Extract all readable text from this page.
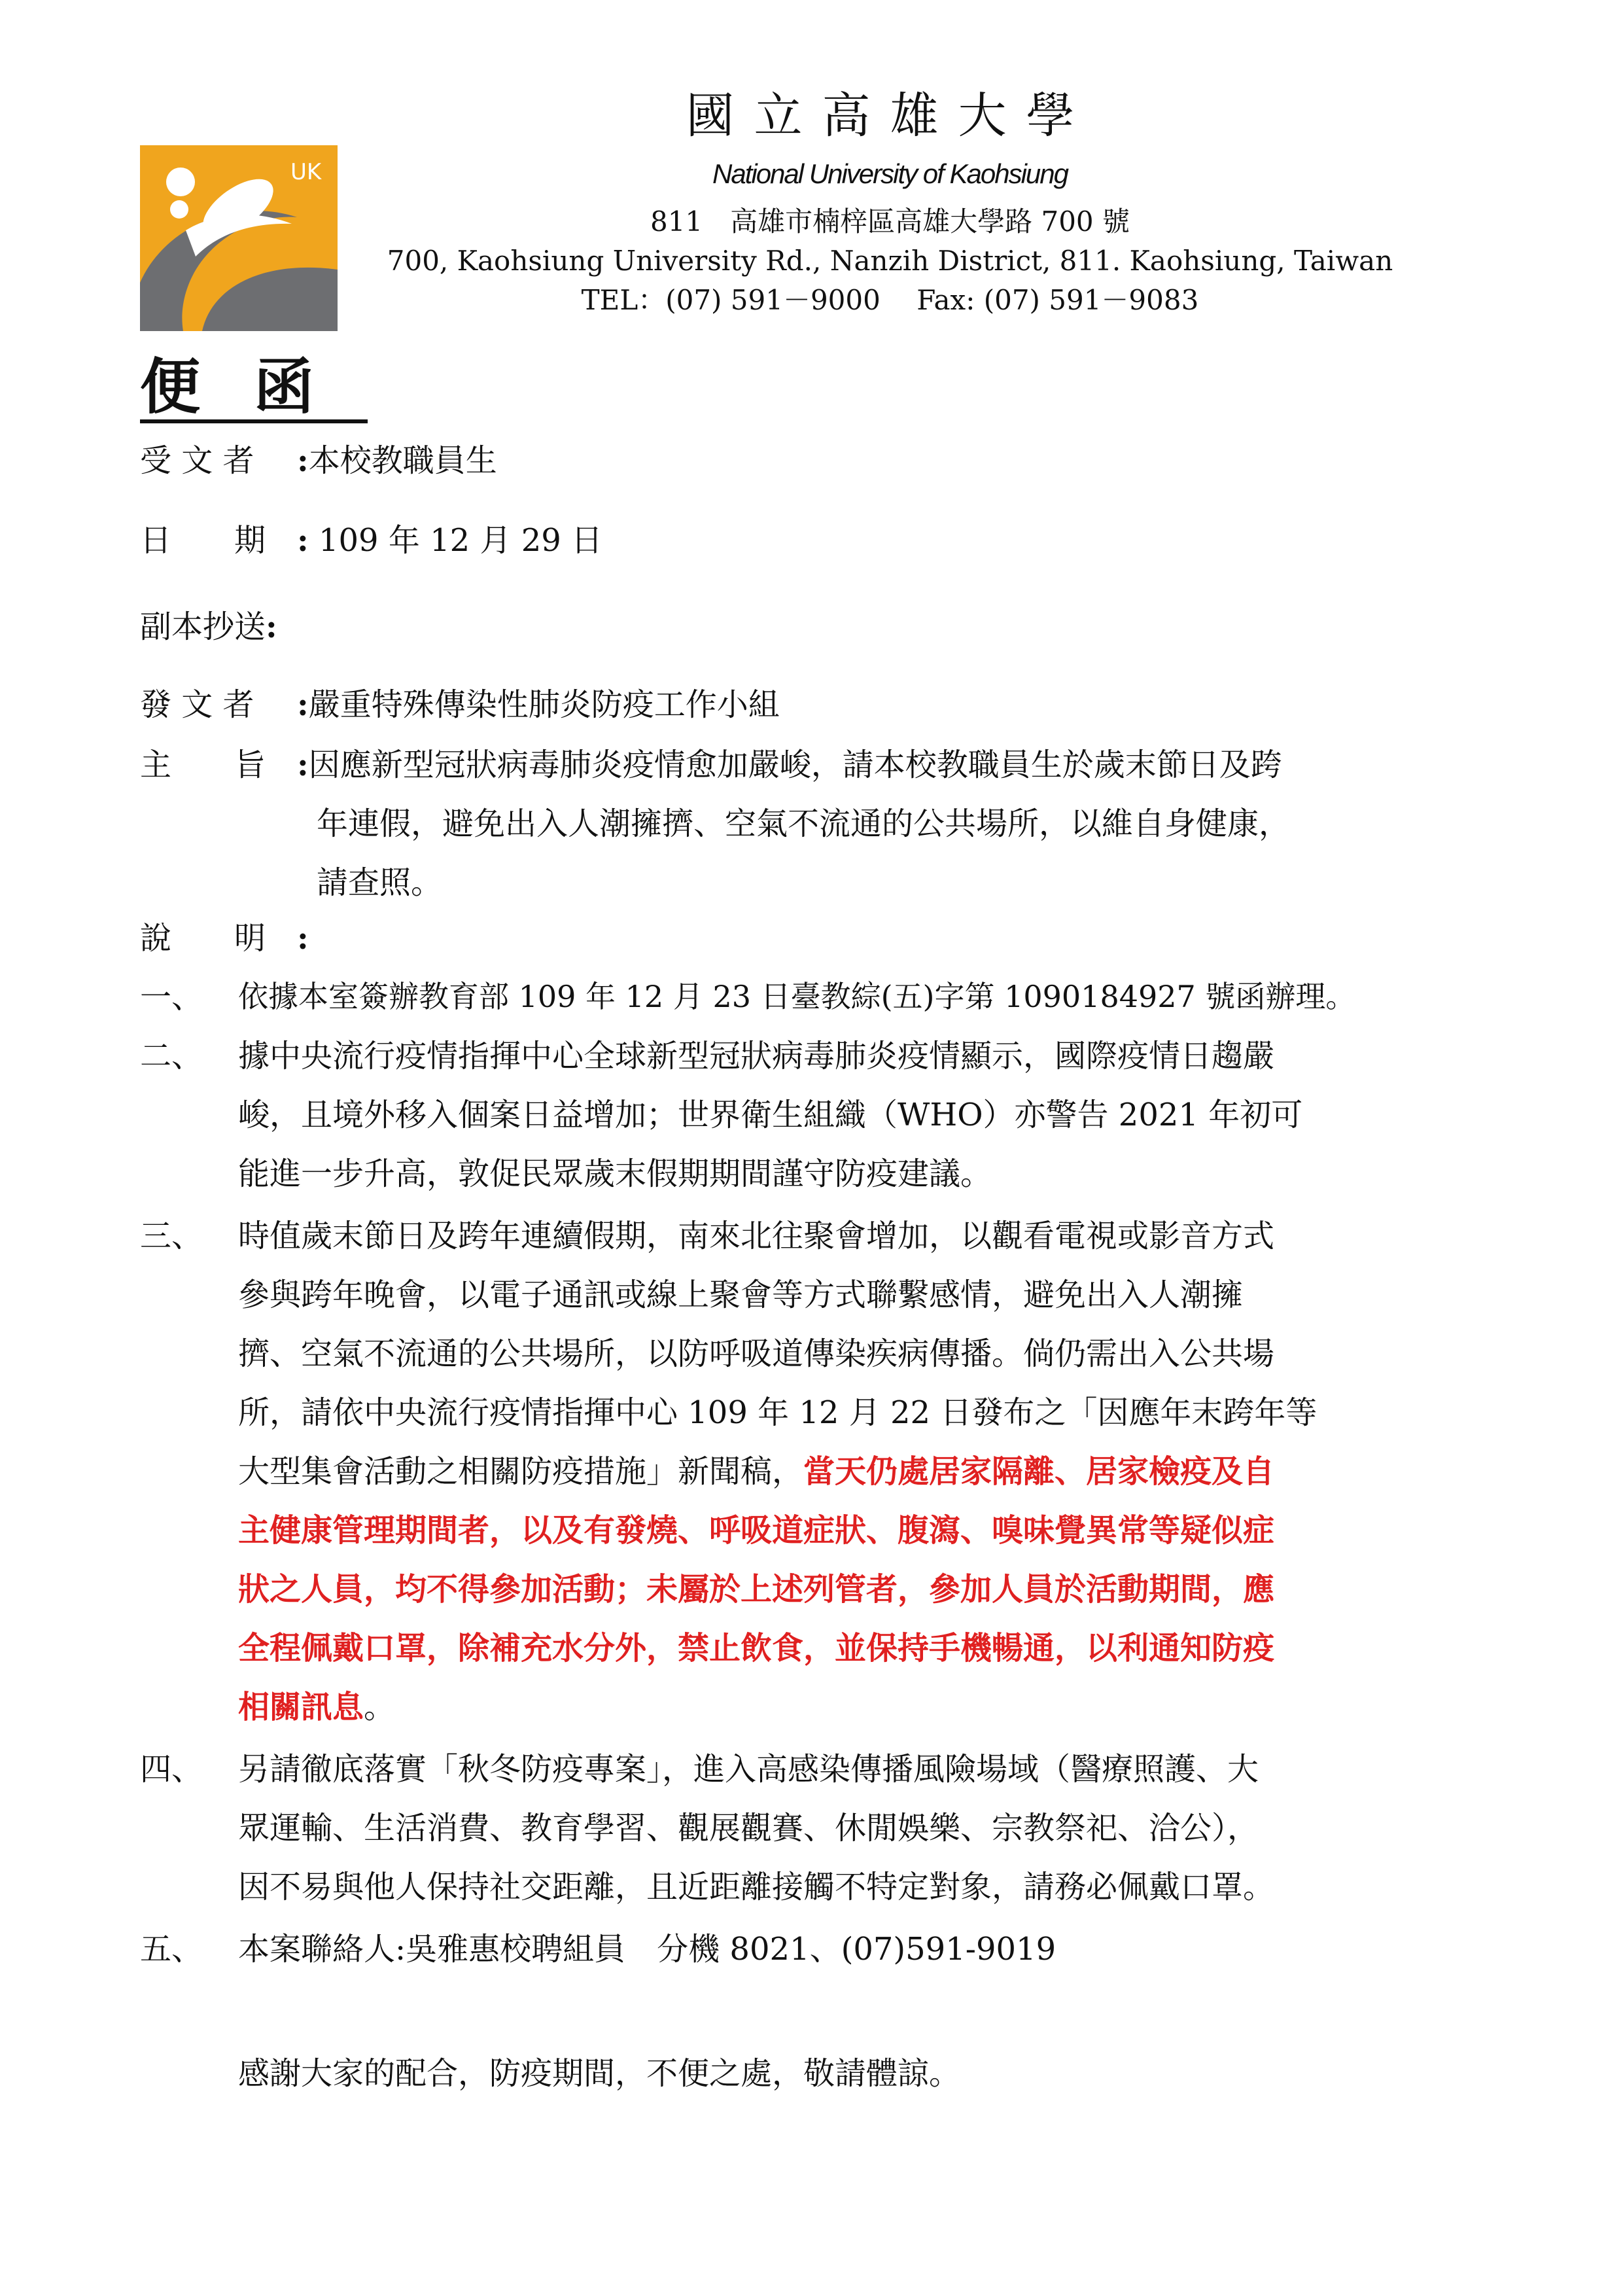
UK
國立高雄大學
National University of Kaohsiung
811　高雄市楠梓區高雄大學路 700 號
700, Kaohsiung University Rd., Nanzih District, 811. Kaohsiung, Taiwan
TEL：(07) 591－9000　 Fax: (07) 591－9083
便函
受 文 者 :本校教職員生
日　　期 : 109 年 12 月 29 日
副本抄送:
發 文 者 :嚴重特殊傳染性肺炎防疫工作小組
主　　旨 :因應新型冠狀病毒肺炎疫情愈加嚴峻，請本校教職員生於歲末節日及跨
年連假，避免出入人潮擁擠、空氣不流通的公共場所，以維自身健康，
請查照。
說　　明 :
一、 依據本室簽辦教育部 109 年 12 月 23 日臺教綜(五)字第 1090184927 號函辦理。
二、 據中央流行疫情指揮中心全球新型冠狀病毒肺炎疫情顯示，國際疫情日趨嚴
峻，且境外移入個案日益增加；世界衛生組織（WHO）亦警告 2021 年初可
能進一步升高，敦促民眾歲末假期期間謹守防疫建議。
三、 時值歲末節日及跨年連續假期，南來北往聚會增加，以觀看電視或影音方式
參與跨年晚會，以電子通訊或線上聚會等方式聯繫感情，避免出入人潮擁
擠、空氣不流通的公共場所，以防呼吸道傳染疾病傳播。倘仍需出入公共場
所，請依中央流行疫情指揮中心 109 年 12 月 22 日發布之「因應年末跨年等
大型集會活動之相關防疫措施」新聞稿，當天仍處居家隔離、居家檢疫及自
主健康管理期間者，以及有發燒、呼吸道症狀、腹瀉、嗅味覺異常等疑似症
狀之人員，均不得參加活動；未屬於上述列管者，參加人員於活動期間，應
全程佩戴口罩，除補充水分外，禁止飲食，並保持手機暢通，以利通知防疫
相關訊息。
四、 另請徹底落實「秋冬防疫專案」，進入高感染傳播風險場域（醫療照護、大
眾運輸、生活消費、教育學習、觀展觀賽、休閒娛樂、宗教祭祀、洽公），
因不易與他人保持社交距離，且近距離接觸不特定對象，請務必佩戴口罩。
五、 本案聯絡人:吳雅惠校聘組員　分機 8021、(07)591-9019
感謝大家的配合，防疫期間，不便之處，敬請體諒。
